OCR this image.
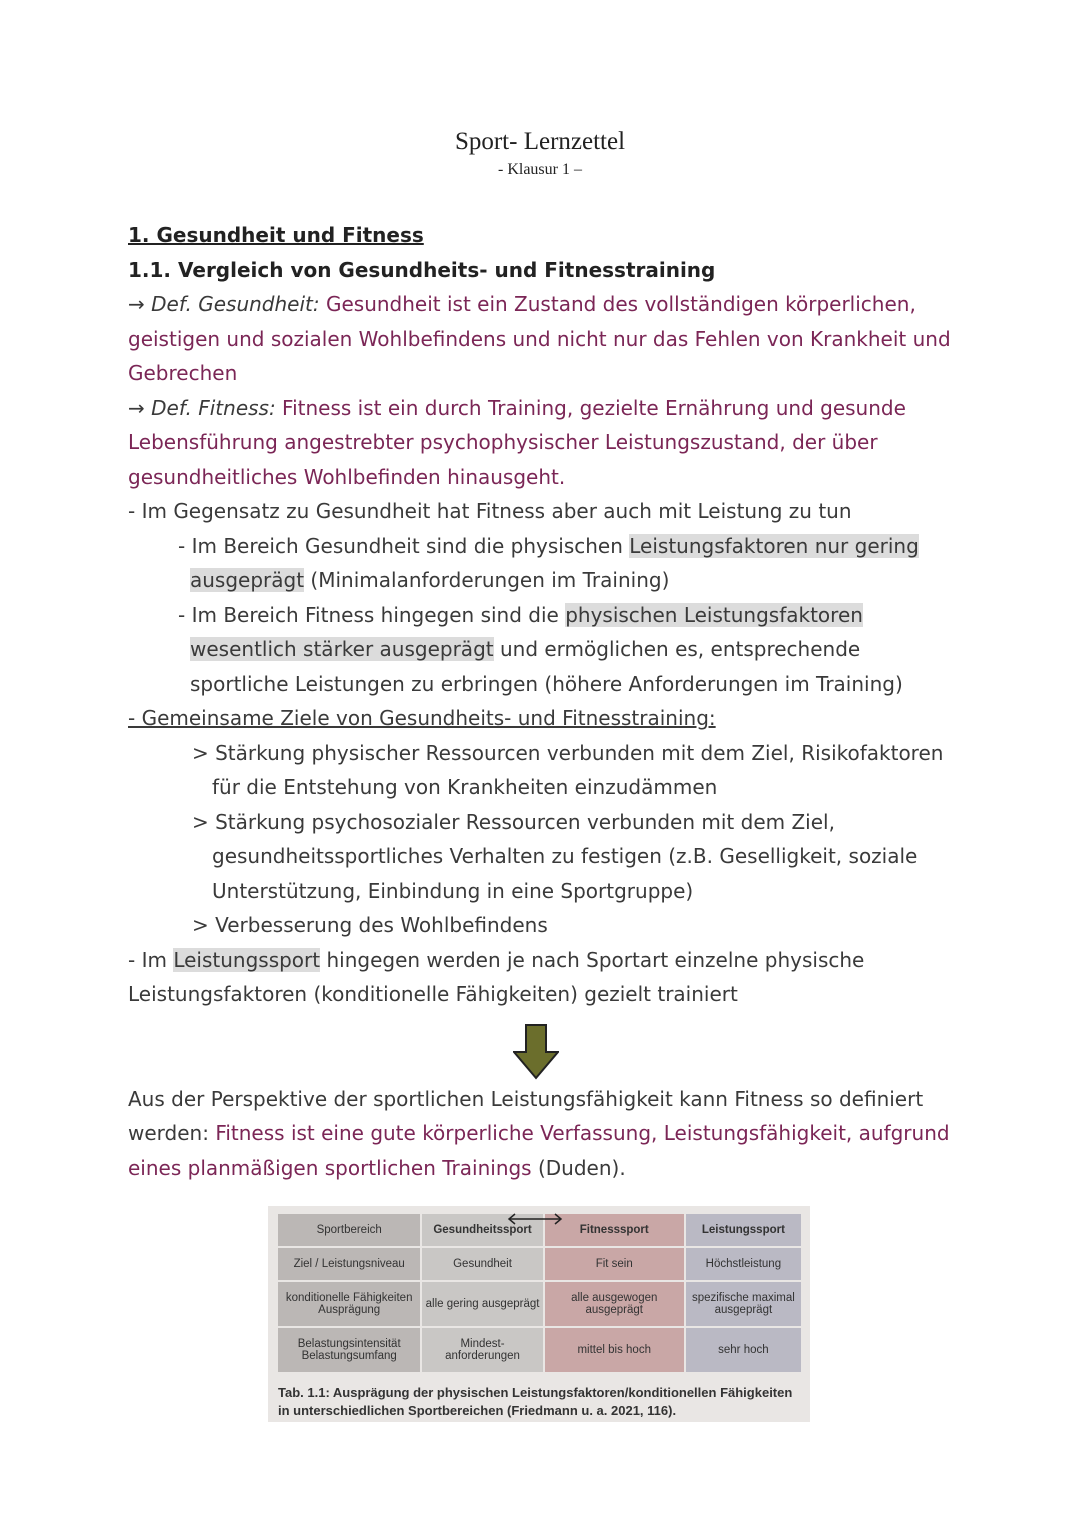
Sport- Lernzettel
- Klausur 1 –

1. Gesundheit und Fitness

1.1. Vergleich von Gesundheits- und Fitnesstraining

→ Def. Gesundheit: Gesundheit ist ein Zustand des vollständigen körperlichen, geistigen und sozialen Wohlbefindens und nicht nur das Fehlen von Krankheit und Gebrechen

→ Def. Fitness: Fitness ist ein durch Training, gezielte Ernährung und gesunde Lebensführung angestrebter psychophysischer Leistungszustand, der über gesundheitliches Wohlbefinden hinausgeht.

- Im Gegensatz zu Gesundheit hat Fitness aber auch mit Leistung zu tun

- Im Bereich Gesundheit sind die physischen Leistungsfaktoren nur gering ausgeprägt (Minimalanforderungen im Training)

- Im Bereich Fitness hingegen sind die physischen Leistungsfaktoren wesentlich stärker ausgeprägt und ermöglichen es, entsprechende sportliche Leistungen zu erbringen (höhere Anforderungen im Training)

- Gemeinsame Ziele von Gesundheits- und Fitnesstraining:

> Stärkung physischer Ressourcen verbunden mit dem Ziel, Risikofaktoren für die Entstehung von Krankheiten einzudämmen

> Stärkung psychosozialer Ressourcen verbunden mit dem Ziel, gesundheitssportliches Verhalten zu festigen (z.B. Geselligkeit, soziale Unterstützung, Einbindung in eine Sportgruppe)

> Verbesserung des Wohlbefindens

- Im Leistungssport hingegen werden je nach Sportart einzelne physische Leistungsfaktoren (konditionelle Fähigkeiten) gezielt trainiert

Aus der Perspektive der sportlichen Leistungsfähigkeit kann Fitness so definiert werden: Fitness ist eine gute körperliche Verfassung, Leistungsfähigkeit, aufgrund eines planmäßigen sportlichen Trainings (Duden).

Sportbereich	Gesundheitssport	Fitnesssport	Leistungssport
Ziel / Leistungsniveau	Gesundheit	Fit sein	Höchstleistung
konditionelle Fähigkeiten Ausprägung	alle gering ausgeprägt	alle ausgewogen ausgeprägt	spezifische maximal ausgeprägt
Belastungsintensität Belastungsumfang	Mindest- anforderungen	mittel bis hoch	sehr hoch
Tab. 1.1: Ausprägung der physischen Leistungsfaktoren/konditionellen Fähigkeiten in unterschiedlichen Sportbereichen (Friedmann u. a. 2021, 116).
